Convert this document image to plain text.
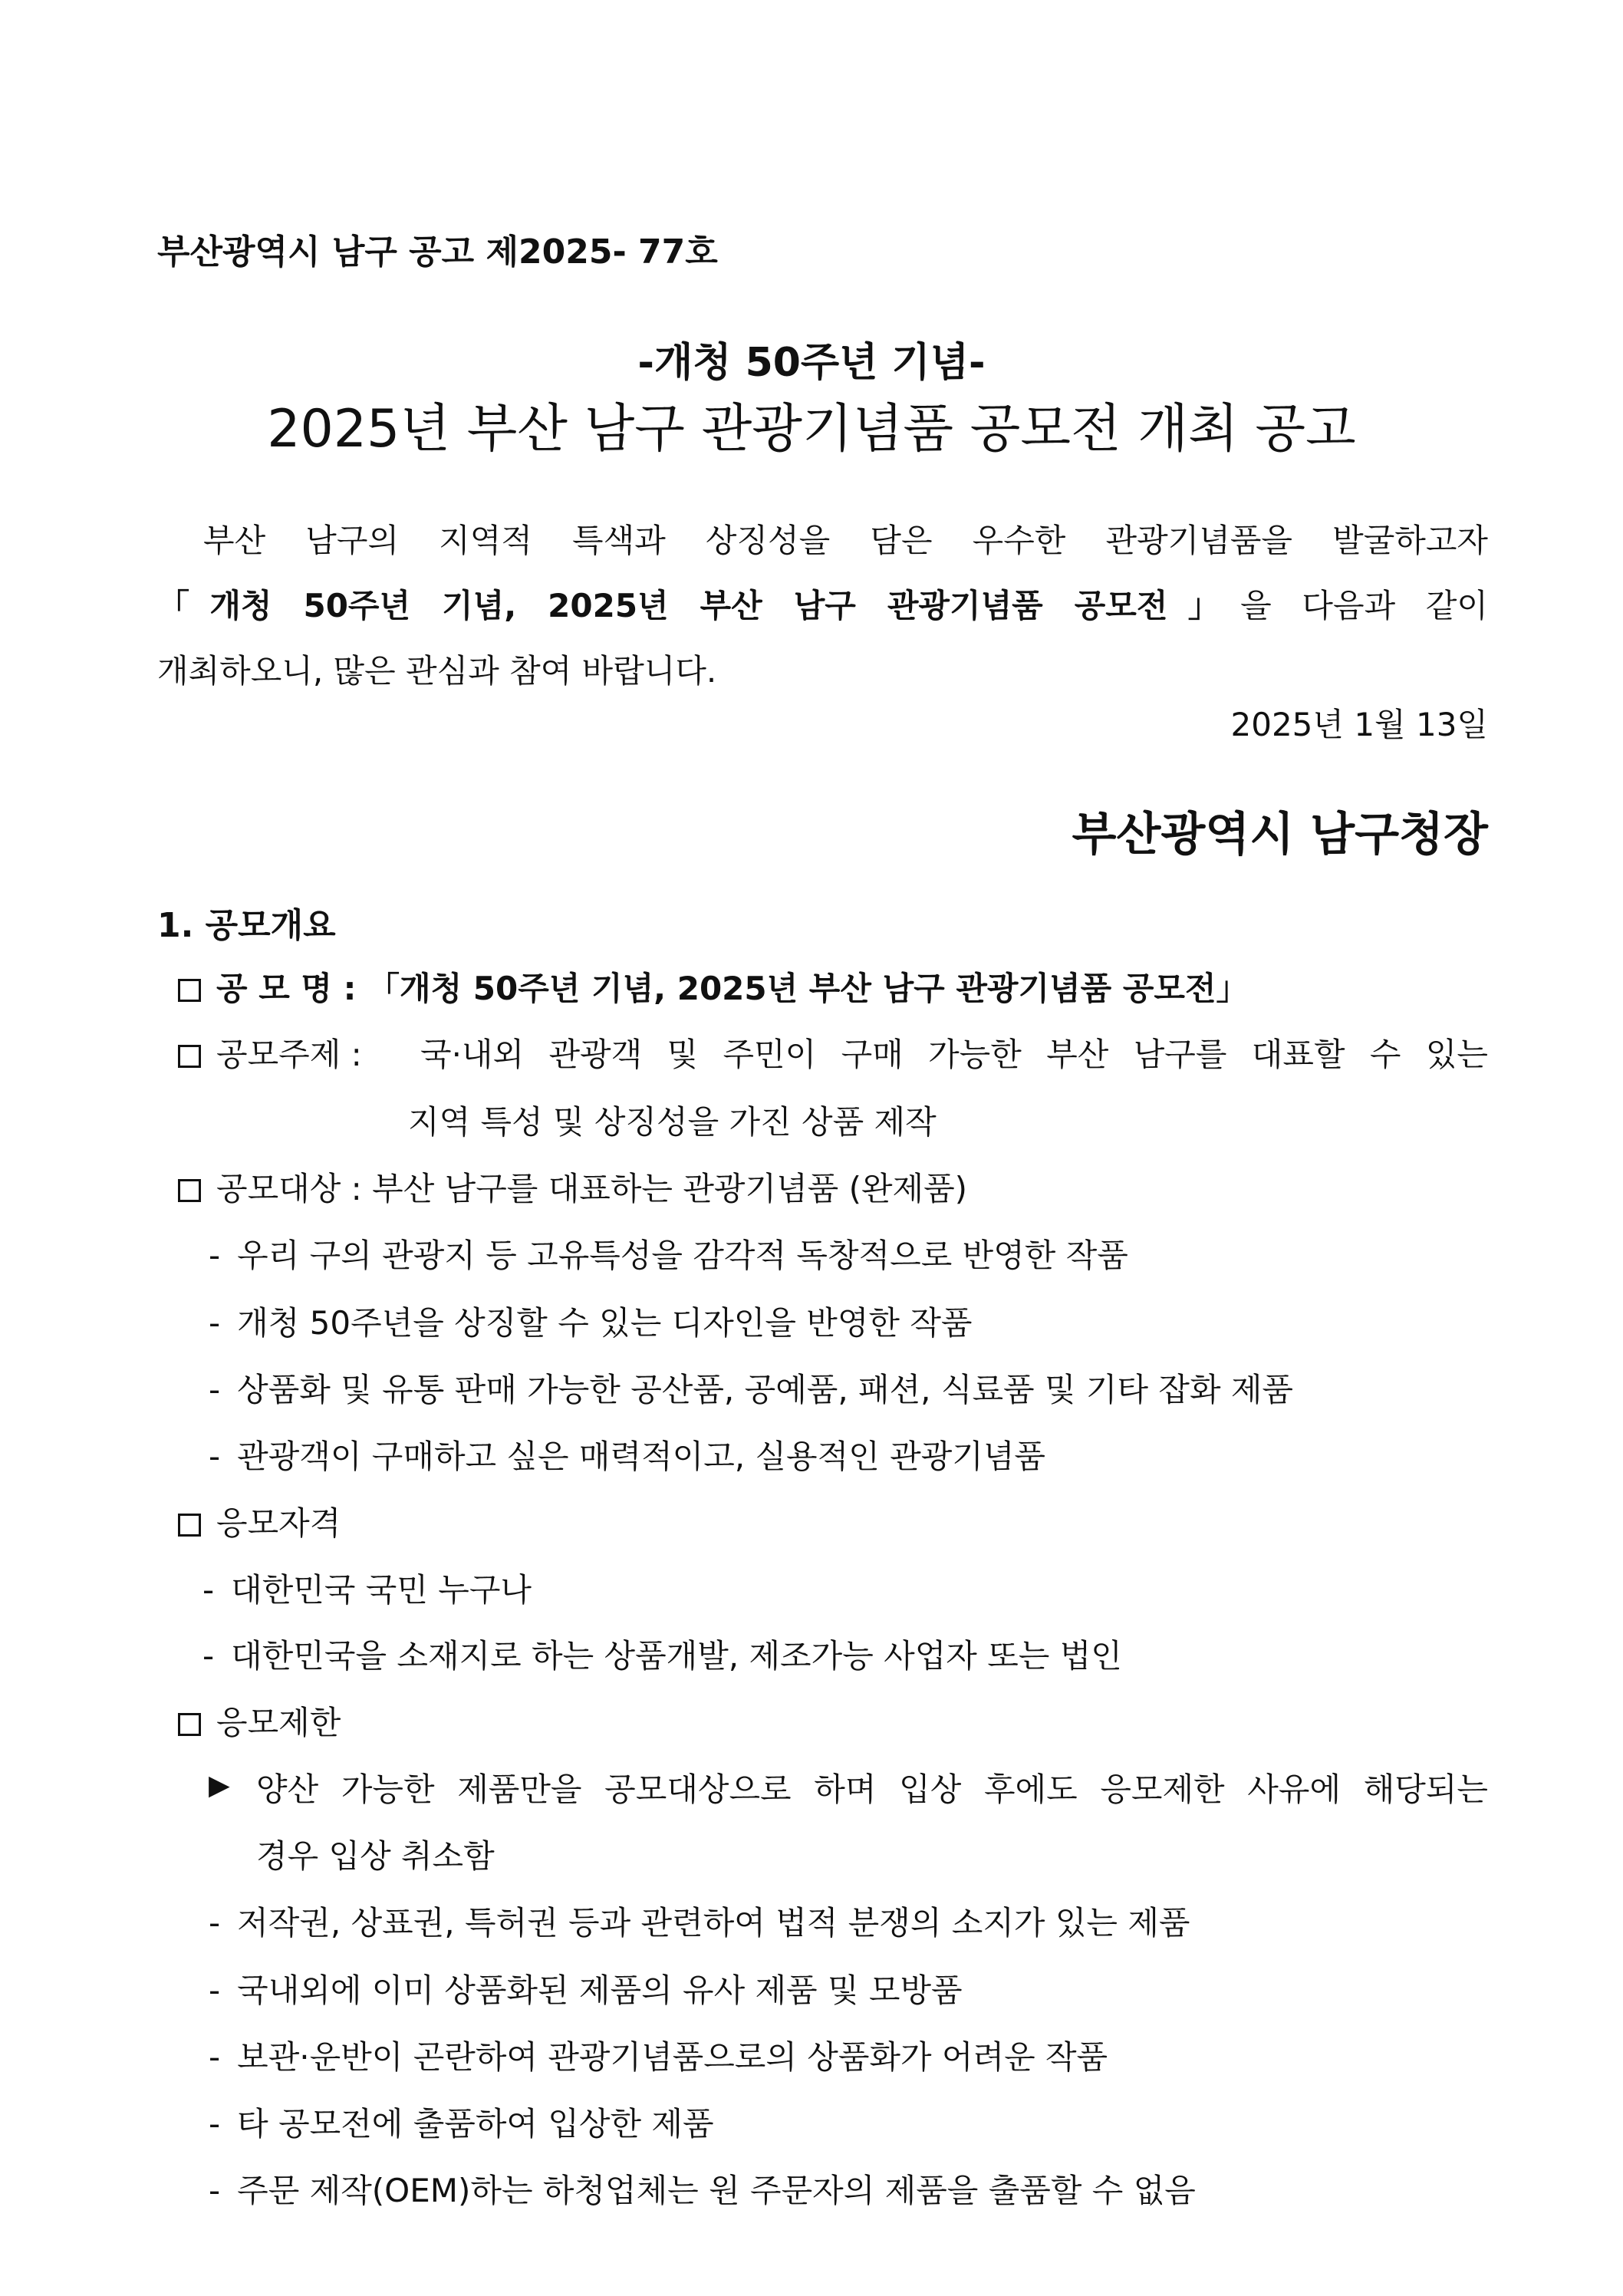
부산광역시 남구 공고 제2025- 77호
-개청 50주년 기념-
2025년 부산 남구 관광기념품 공모전 개최 공고

부산 남구의 지역적 특색과 상징성을 담은 우수한 관광기념품을 발굴하고자

「개청 50주년 기념, 2025년 부산 남구 관광기념품 공모전」을 다음과 같이

개최하오니, 많은 관심과 참여 바랍니다.

2025년 1월 13일
부산광역시 남구청장
1. 공모개요
공 모 명 : 「개청 50주년 기념, 2025년 부산 남구 관광기념품 공모전」
공모주제 : 국·내외 관광객 및 주민이 구매 가능한 부산 남구를 대표할 수 있는
지역 특성 및 상징성을 가진 상품 제작
공모대상 : 부산 남구를 대표하는 관광기념품 (완제품)
- 우리 구의 관광지 등 고유특성을 감각적 독창적으로 반영한 작품
- 개청 50주년을 상징할 수 있는 디자인을 반영한 작품
- 상품화 및 유통 판매 가능한 공산품, 공예품, 패션, 식료품 및 기타 잡화 제품
- 관광객이 구매하고 싶은 매력적이고, 실용적인 관광기념품
응모자격
- 대한민국 국민 누구나
- 대한민국을 소재지로 하는 상품개발, 제조가능 사업자 또는 법인
응모제한
▶ 양산 가능한 제품만을 공모대상으로 하며 입상 후에도 응모제한 사유에 해당되는
경우 입상 취소함
- 저작권, 상표권, 특허권 등과 관련하여 법적 분쟁의 소지가 있는 제품
- 국내외에 이미 상품화된 제품의 유사 제품 및 모방품
- 보관·운반이 곤란하여 관광기념품으로의 상품화가 어려운 작품
- 타 공모전에 출품하여 입상한 제품
- 주문 제작(OEM)하는 하청업체는 원 주문자의 제품을 출품할 수 없음
